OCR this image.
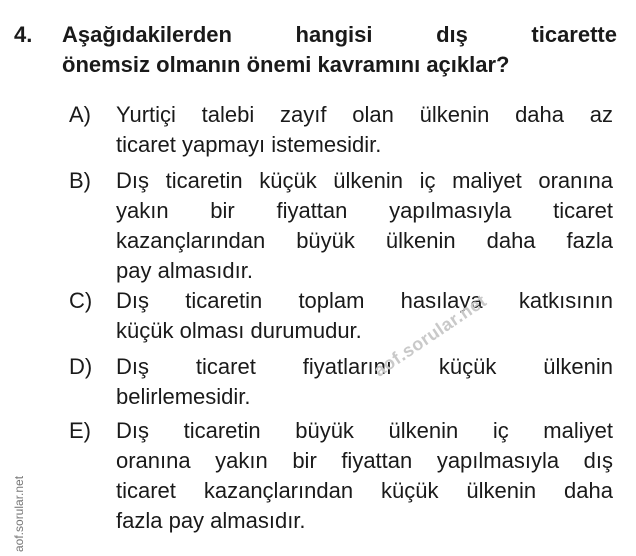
4. Aşağıdakilerden hangisi dış ticarette
önemsiz olmanın önemi kavramını açıklar?
A) Yurtiçi talebi zayıf olan ülkenin daha az
ticaret yapmayı istemesidir.
B) Dış ticaretin küçük ülkenin iç maliyet oranına
yakın bir fiyattan yapılmasıyla ticaret
kazançlarından büyük ülkenin daha fazla
pay almasıdır.
C) Dış ticaretin toplam hasılaya katkısının
küçük olması durumudur.
D) Dış ticaret fiyatlarını küçük ülkenin
belirlemesidir.
E) Dış ticaretin büyük ülkenin iç maliyet
oranına yakın bir fiyattan yapılmasıyla dış
ticaret kazançlarından küçük ülkenin daha
fazla pay almasıdır.
aof.sorular.net
aof.sorular.net
